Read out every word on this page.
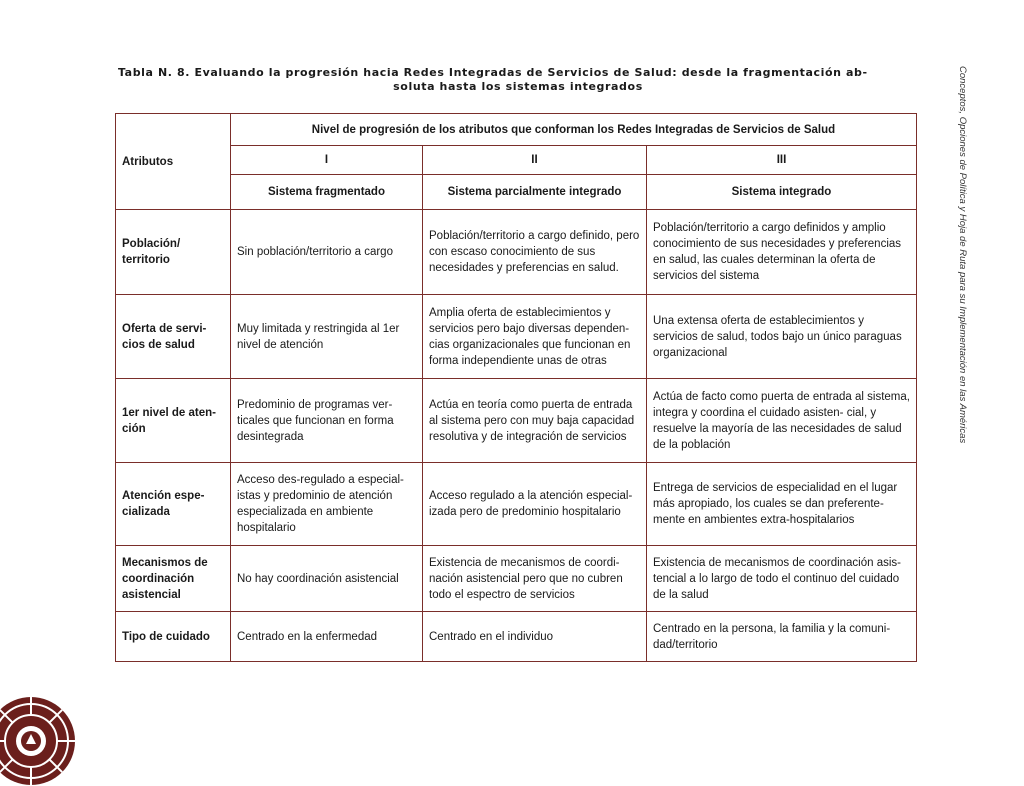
Tabla N. 8. Evaluando la progresión hacia Redes Integradas de Servicios de Salud: desde la fragmentación ab-
soluta hasta los sistemas integrados	Conceptos, Opciones de Política y Hoja de Ruta para su Implementación en las Américas
Atributos	Nivel de progresión de los atributos que conforman los Redes Integradas de Servicios de Salud		
	I	II	III
	Sistema fragmentado	Sistema parcialmente integrado	Sistema integrado
Población/ territorio	Sin población/territorio a cargo	Población/territorio a cargo definido, pero con escaso conocimiento de sus necesidades y preferencias en salud.	Población/territorio a cargo definidos y amplio conocimiento de sus necesidades y preferencias en salud, las cuales determinan la oferta de servicios del sistema
Oferta de servi- cios de salud	Muy limitada y restringida al 1er nivel de atención	Amplia oferta de establecimientos y servicios pero bajo diversas dependen- cias organizacionales que funcionan en forma independiente unas de otras	Una extensa oferta de establecimientos y servicios de salud, todos bajo un único paraguas organizacional
1er nivel de aten- ción	Predominio de programas ver- ticales que funcionan en forma desintegrada	Actúa en teoría como puerta de entrada al sistema pero con muy baja capacidad resolutiva y de integración de servicios	Actúa de facto como puerta de entrada al sistema, integra y coordina el cuidado asisten- cial, y resuelve la mayoría de las necesidades de salud de la población
Atención espe- cializada	Acceso des-regulado a especial- istas y predominio de atención especializada en ambiente hospitalario	Acceso regulado a la atención especial- izada pero de predominio hospitalario	Entrega de servicios de especialidad en el lugar más apropiado, los cuales se dan preferente- mente en ambientes extra-hospitalarios
Mecanismos de coordinación asistencial	No hay coordinación asistencial	Existencia de mecanismos de coordi- nación asistencial pero que no cubren todo el espectro de servicios	Existencia de mecanismos de coordinación asis- tencial a lo largo de todo el continuo del cuidado de la salud
Tipo de cuidado	Centrado en la enfermedad	Centrado en el individuo	Centrado en la persona, la familia y la comuni- dad/territorio
